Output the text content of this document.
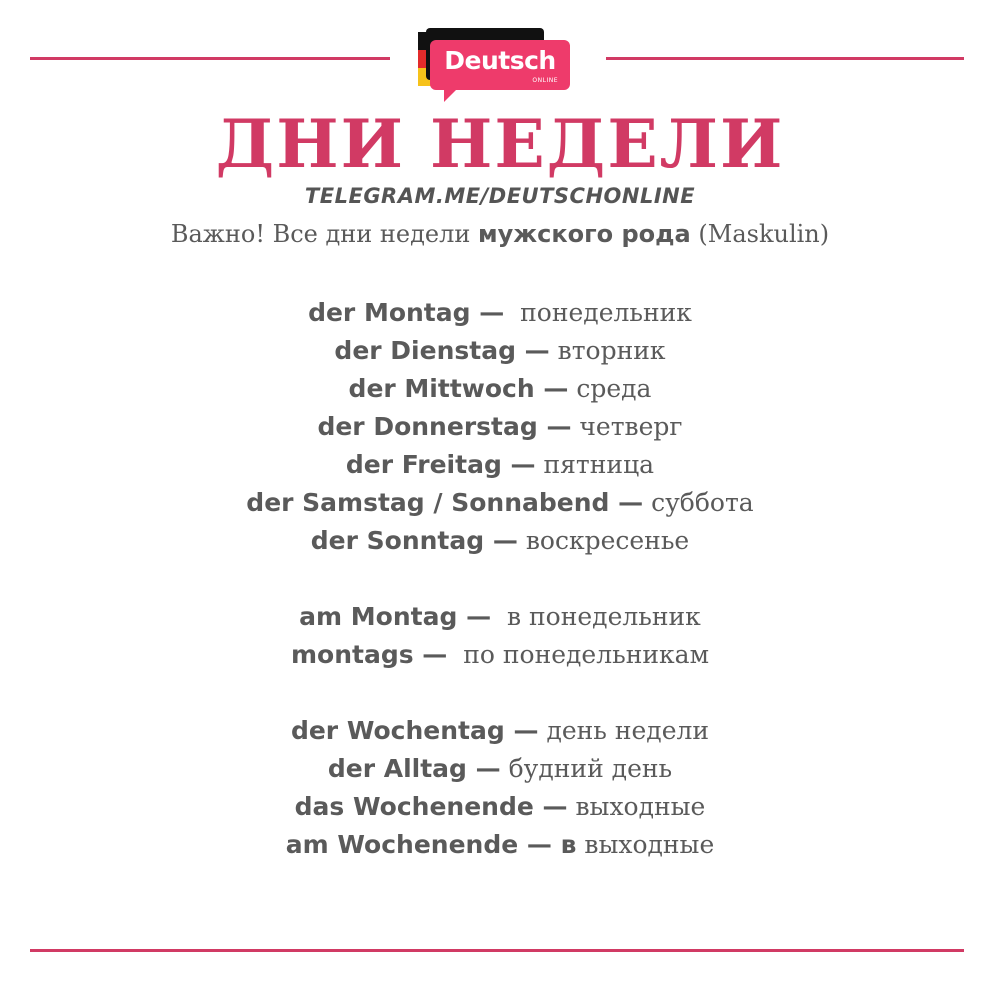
Deutsch
ONLINE
ДНИ НЕДЕЛИ
TELEGRAM.ME/DEUTSCHONLINE
Важно! Все дни недели мужского рода (Maskulin)
der Montag — понедельник
der Dienstag — вторник
der Mittwoch — среда
der Donnerstag — четверг
der Freitag — пятница
der Samstag / Sonnabend — суббота
der Sonntag — воскресенье
am Montag — в понедельник
montags — по понедельникам
der Wochentag — день недели
der Alltag — будний день
das Wochenende — выходные
am Wochenende — в выходные
